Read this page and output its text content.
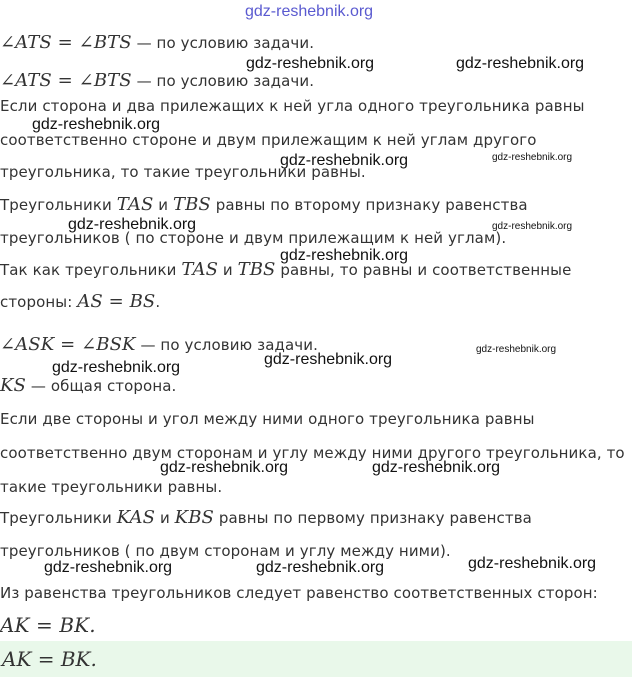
gdz-reshebnik.org
∠ATS = ∠BTS — по условию задачи.
∠ATS = ∠BTS — по условию задачи.
Если сторона и два прилежащих к ней угла одного треугольника равны
соответственно стороне и двум прилежащим к ней углам другого
треугольника, то такие треугольники равны.
Треугольники TAS и TBS равны по второму признаку равенства
треугольников ( по стороне и двум прилежащим к ней углам).
Так как треугольники TAS и TBS равны, то равны и соответственные
стороны: AS = BS.
∠ASK = ∠BSK — по условию задачи.
KS — общая сторона.
Если две стороны и угол между ними одного треугольника равны
соответственно двум сторонам и углу между ними другого треугольника, то
такие треугольники равны.
Треугольники KAS и KBS равны по первому признаку равенства
треугольников ( по двум сторонам и углу между ними).
Из равенства треугольников следует равенство соответственных сторон:
AK = BK.
AK = BK.
gdz-reshebnik.org	gdz-reshebnik.org
gdz-reshebnik.org
gdz-reshebnik.org	gdz-reshebnik.org
gdz-reshebnik.org	gdz-reshebnik.org
gdz-reshebnik.org
gdz-reshebnik.org
gdz-reshebnik.org
gdz-reshebnik.org
gdz-reshebnik.org	gdz-reshebnik.org
gdz-reshebnik.org
gdz-reshebnik.org	gdz-reshebnik.org
